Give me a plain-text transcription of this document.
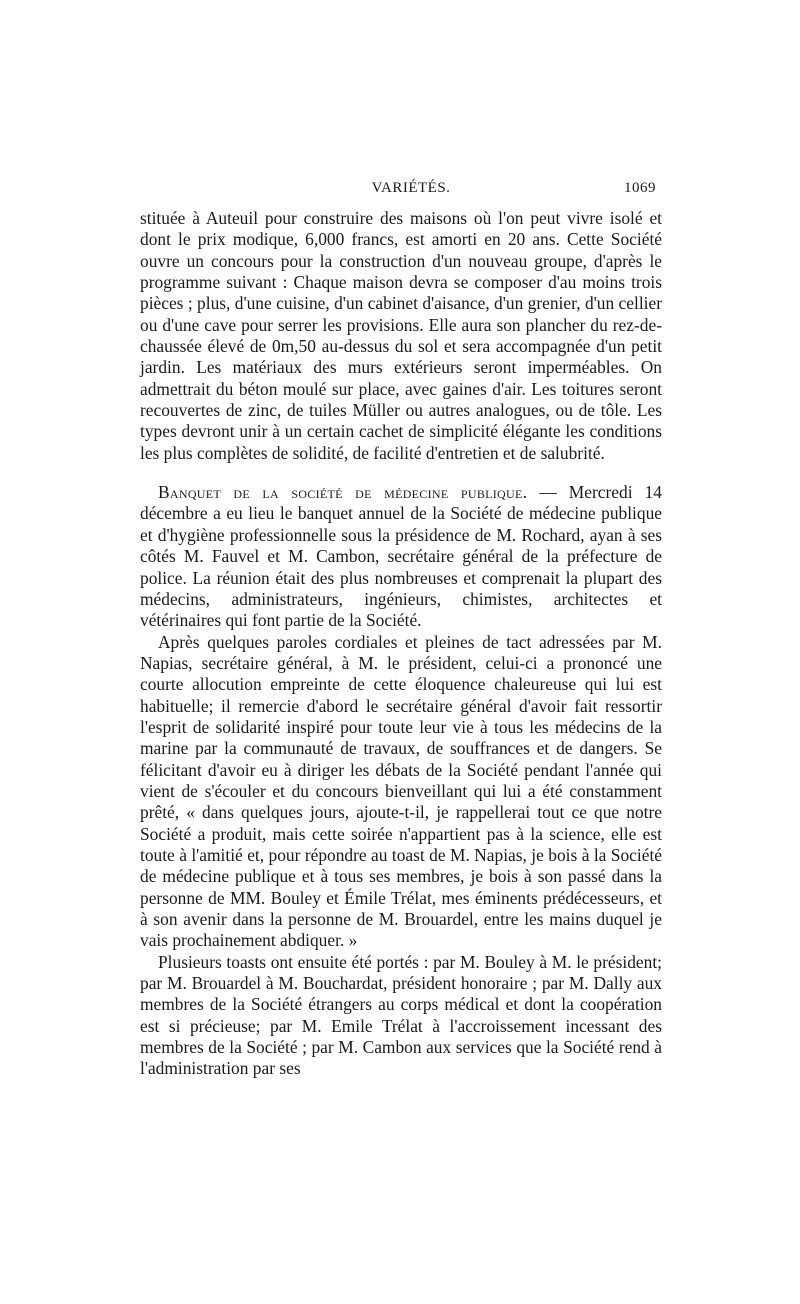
VARIÉTÉS.	1069

stituée à Auteuil pour construire des maisons où l'on peut vivre isolé et dont le prix modique, 6,000 francs, est amorti en 20 ans. Cette Société ouvre un concours pour la construction d'un nouveau groupe, d'après le programme suivant : Chaque maison devra se composer d'au moins trois pièces ; plus, d'une cuisine, d'un cabinet d'aisance, d'un grenier, d'un cellier ou d'une cave pour serrer les provisions. Elle aura son plancher du rez-de-chaussée élevé de 0m,50 au-dessus du sol et sera accompagnée d'un petit jardin. Les matériaux des murs extérieurs seront imperméables. On admettrait du béton moulé sur place, avec gaines d'air. Les toitures seront recouvertes de zinc, de tuiles Müller ou autres analogues, ou de tôle. Les types devront unir à un certain cachet de simplicité élégante les conditions les plus complètes de solidité, de facilité d'entretien et de salubrité.

Banquet de la société de médecine publique. — Mercredi 14 décembre a eu lieu le banquet annuel de la Société de médecine publique et d'hygiène professionnelle sous la présidence de M. Rochard, ayan à ses côtés M. Fauvel et M. Cambon, secrétaire général de la préfecture de police. La réunion était des plus nombreuses et comprenait la plupart des médecins, administrateurs, ingénieurs, chimistes, architectes et vétérinaires qui font partie de la Société.

Après quelques paroles cordiales et pleines de tact adressées par M. Napias, secrétaire général, à M. le président, celui-ci a prononcé une courte allocution empreinte de cette éloquence chaleureuse qui lui est habituelle; il remercie d'abord le secrétaire général d'avoir fait ressortir l'esprit de solidarité inspiré pour toute leur vie à tous les médecins de la marine par la communauté de travaux, de souffrances et de dangers. Se félicitant d'avoir eu à diriger les débats de la Société pendant l'année qui vient de s'écouler et du concours bienveillant qui lui a été constamment prêté, « dans quelques jours, ajoute-t-il, je rappellerai tout ce que notre Société a produit, mais cette soirée n'appartient pas à la science, elle est toute à l'amitié et, pour répondre au toast de M. Napias, je bois à la Société de médecine publique et à tous ses membres, je bois à son passé dans la personne de MM. Bouley et Émile Trélat, mes éminents prédécesseurs, et à son avenir dans la personne de M. Brouardel, entre les mains duquel je vais prochainement abdiquer. »

Plusieurs toasts ont ensuite été portés : par M. Bouley à M. le président; par M. Brouardel à M. Bouchardat, président honoraire ; par M. Dally aux membres de la Société étrangers au corps médical et dont la coopération est si précieuse; par M. Emile Trélat à l'accroissement incessant des membres de la Société ; par M. Cambon aux services que la Société rend à l'administration par ses
